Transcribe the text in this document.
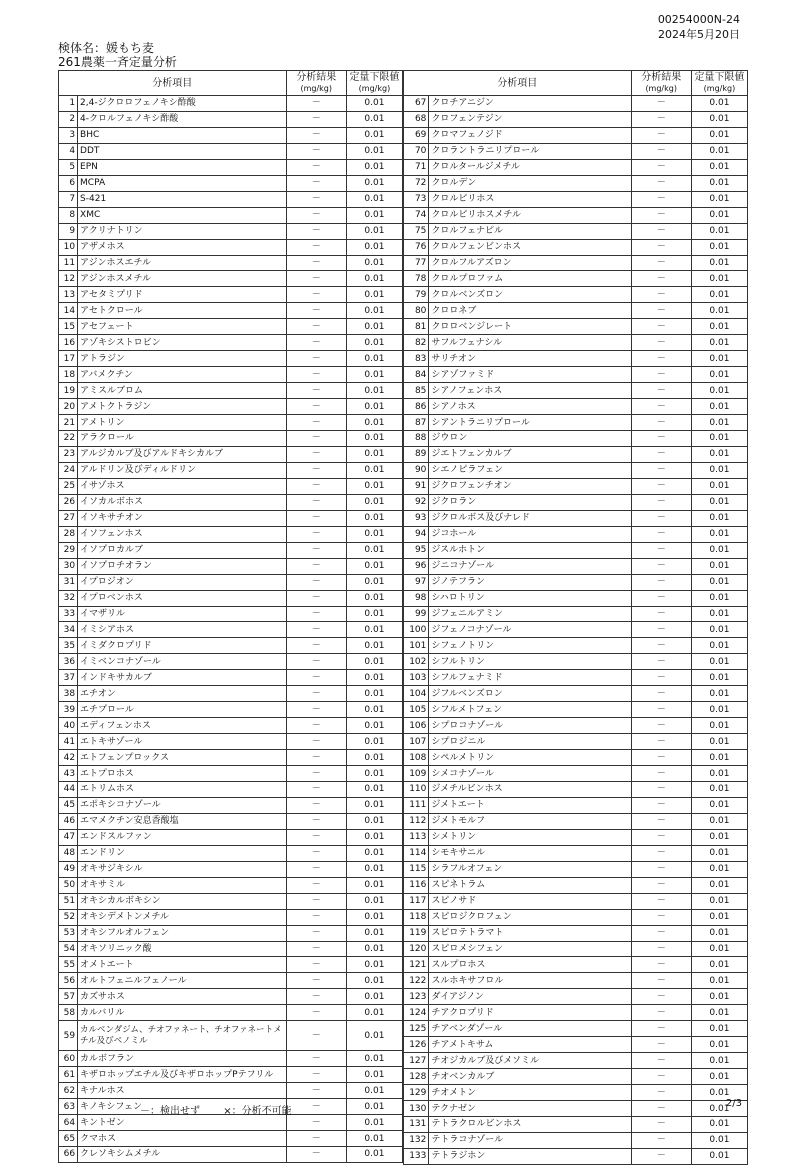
00254000N-24
2024年5月20日
検体名：媛もち麦
261農薬一斉定量分析
分析項目		分析結果
(mg/kg)	定量下限値
(mg/kg)
1	2,4-ジクロロフェノキシ酢酸	－	0.01
2	4-クロルフェノキシ酢酸	－	0.01
3	BHC	－	0.01
4	DDT	－	0.01
5	EPN	－	0.01
6	MCPA	－	0.01
7	S-421	－	0.01
8	XMC	－	0.01
9	アクリナトリン	－	0.01
10	アザメホス	－	0.01
11	アジンホスエチル	－	0.01
12	アジンホスメチル	－	0.01
13	アセタミプリド	－	0.01
14	アセトクロール	－	0.01
15	アセフェート	－	0.01
16	アゾキシストロビン	－	0.01
17	アトラジン	－	0.01
18	アバメクチン	－	0.01
19	アミスルブロム	－	0.01
20	アメトクトラジン	－	0.01
21	アメトリン	－	0.01
22	アラクロール	－	0.01
23	アルジカルブ及びアルドキシカルブ	－	0.01
24	アルドリン及びディルドリン	－	0.01
25	イサゾホス	－	0.01
26	イソカルボホス	－	0.01
27	イソキサチオン	－	0.01
28	イソフェンホス	－	0.01
29	イソプロカルブ	－	0.01
30	イソプロチオラン	－	0.01
31	イプロジオン	－	0.01
32	イプロベンホス	－	0.01
33	イマザリル	－	0.01
34	イミシアホス	－	0.01
35	イミダクロプリド	－	0.01
36	イミベンコナゾール	－	0.01
37	インドキサカルブ	－	0.01
38	エチオン	－	0.01
39	エチプロール	－	0.01
40	エディフェンホス	－	0.01
41	エトキサゾール	－	0.01
42	エトフェンプロックス	－	0.01
43	エトプロホス	－	0.01
44	エトリムホス	－	0.01
45	エポキシコナゾール	－	0.01
46	エマメクチン安息香酸塩	－	0.01
47	エンドスルファン	－	0.01
48	エンドリン	－	0.01
49	オキサジキシル	－	0.01
50	オキサミル	－	0.01
51	オキシカルボキシン	－	0.01
52	オキシデメトンメチル	－	0.01
53	オキシフルオルフェン	－	0.01
54	オキソリニック酸	－	0.01
55	オメトエート	－	0.01
56	オルトフェニルフェノール	－	0.01
57	カズサホス	－	0.01
58	カルバリル	－	0.01
59	カルベンダジム、チオファネート、チオファネートメチル及びベノミル	－	0.01
60	カルボフラン	－	0.01
61	キザロホップエチル及びキザロホップPテフリル	－	0.01
62	キナルホス	－	0.01
63	キノキシフェン	－	0.01
64	キントゼン	－	0.01
65	クマホス	－	0.01
66	クレソキシムメチル	－	0.01
分析項目		分析結果
(mg/kg)	定量下限値
(mg/kg)
67	クロチアニジン	－	0.01
68	クロフェンテジン	－	0.01
69	クロマフェノジド	－	0.01
70	クロラントラニリプロール	－	0.01
71	クロルタールジメチル	－	0.01
72	クロルデン	－	0.01
73	クロルピリホス	－	0.01
74	クロルピリホスメチル	－	0.01
75	クロルフェナピル	－	0.01
76	クロルフェンビンホス	－	0.01
77	クロルフルアズロン	－	0.01
78	クロルプロファム	－	0.01
79	クロルベンズロン	－	0.01
80	クロロネブ	－	0.01
81	クロロベンジレート	－	0.01
82	サフルフェナシル	－	0.01
83	サリチオン	－	0.01
84	シアゾファミド	－	0.01
85	シアノフェンホス	－	0.01
86	シアノホス	－	0.01
87	シアントラニリプロール	－	0.01
88	ジウロン	－	0.01
89	ジエトフェンカルブ	－	0.01
90	シエノピラフェン	－	0.01
91	ジクロフェンチオン	－	0.01
92	ジクロラン	－	0.01
93	ジクロルボス及びナレド	－	0.01
94	ジコホール	－	0.01
95	ジスルホトン	－	0.01
96	ジニコナゾール	－	0.01
97	ジノテフラン	－	0.01
98	シハロトリン	－	0.01
99	ジフェニルアミン	－	0.01
100	ジフェノコナゾール	－	0.01
101	シフェノトリン	－	0.01
102	シフルトリン	－	0.01
103	シフルフェナミド	－	0.01
104	ジフルベンズロン	－	0.01
105	シフルメトフェン	－	0.01
106	シプロコナゾール	－	0.01
107	シプロジニル	－	0.01
108	シペルメトリン	－	0.01
109	シメコナゾール	－	0.01
110	ジメチルビンホス	－	0.01
111	ジメトエート	－	0.01
112	ジメトモルフ	－	0.01
113	シメトリン	－	0.01
114	シモキサニル	－	0.01
115	シラフルオフェン	－	0.01
116	スピネトラム	－	0.01
117	スピノサド	－	0.01
118	スピロジクロフェン	－	0.01
119	スピロテトラマト	－	0.01
120	スピロメシフェン	－	0.01
121	スルプロホス	－	0.01
122	スルホキサフロル	－	0.01
123	ダイアジノン	－	0.01
124	チアクロプリド	－	0.01
125	チアベンダゾール	－	0.01
126	チアメトキサム	－	0.01
127	チオジカルブ及びメソミル	－	0.01
128	チオベンカルブ	－	0.01
129	チオメトン	－	0.01
130	テクナゼン	－	0.01
131	テトラクロルビンホス	－	0.01
132	テトラコナゾール	－	0.01
133	テトラジホン	－	0.01
－：検出せず ×：分析不可能
2/3
